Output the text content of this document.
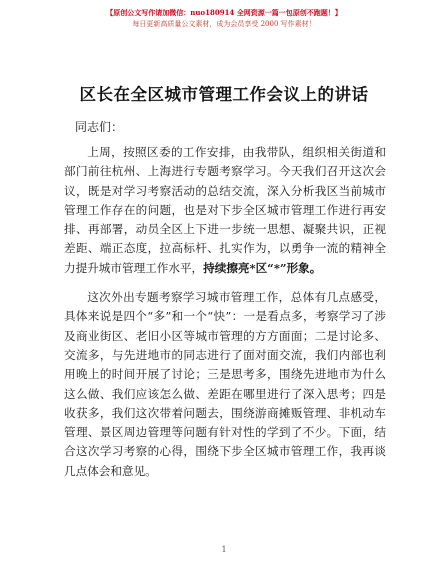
【原创公文写作请加微信：nuo180914 全网资源一篇一包原创不跑题！】
每日更新高质量公文素材，成为会员享受 2000 写作素材！
区长在全区城市管理工作会议上的讲话
同志们：

上周，按照区委的工作安排，由我带队，组织相关街道和部门前往杭州、上海进行专题考察学习。今天我们召开这次会议，既是对学习考察活动的总结交流，深入分析我区当前城市管理工作存在的问题，也是对下步全区城市管理工作进行再安排、再部署，动员全区上下进一步统一思想、凝聚共识，正视差距、端正态度，拉高标杆、扎实作为，以勇争一流的精神全力提升城市管理工作水平，持续擦亮*区“*”形象。

这次外出专题考察学习城市管理工作，总体有几点感受，具体来说是四个“多”和一个“快”：一是看点多，考察学习了涉及商业街区、老旧小区等城市管理的方方面面；二是讨论多、交流多，与先进地市的同志进行了面对面交流，我们内部也利用晚上的时间开展了讨论；三是思考多，围绕先进地市为什么这么做、我们应该怎么做、差距在哪里进行了深入思考；四是收获多，我们这次带着问题去，围绕游商摊贩管理、非机动车管理、景区周边管理等问题有针对性的学到了不少。下面，结合这次学习考察的心得，围绕下步全区城市管理工作，我再谈几点体会和意见。

1
